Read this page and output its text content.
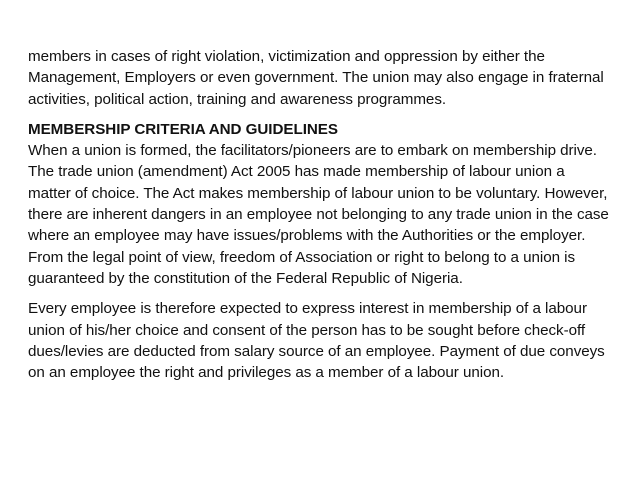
members in cases of right violation, victimization and oppression by either the Management, Employers or even government. The union may also engage in fraternal activities, political action, training and awareness programmes.

MEMBERSHIP CRITERIA AND GUIDELINES
When a union is formed, the facilitators/pioneers are to embark on membership drive. The trade union (amendment) Act 2005 has made membership of labour union a matter of choice. The Act makes membership of labour union to be voluntary. However, there are inherent dangers in an employee not belonging to any trade union in the case where an employee may have issues/problems with the Authorities or the employer. From the legal point of view, freedom of Association or right to belong to a union is guaranteed by the constitution of the Federal Republic of Nigeria.

Every employee is therefore expected to express interest in membership of a labour union of his/her choice and consent of the person has to be sought before check-off dues/levies are deducted from salary source of an employee. Payment of due conveys on an employee the right and privileges as a member of a labour union.
